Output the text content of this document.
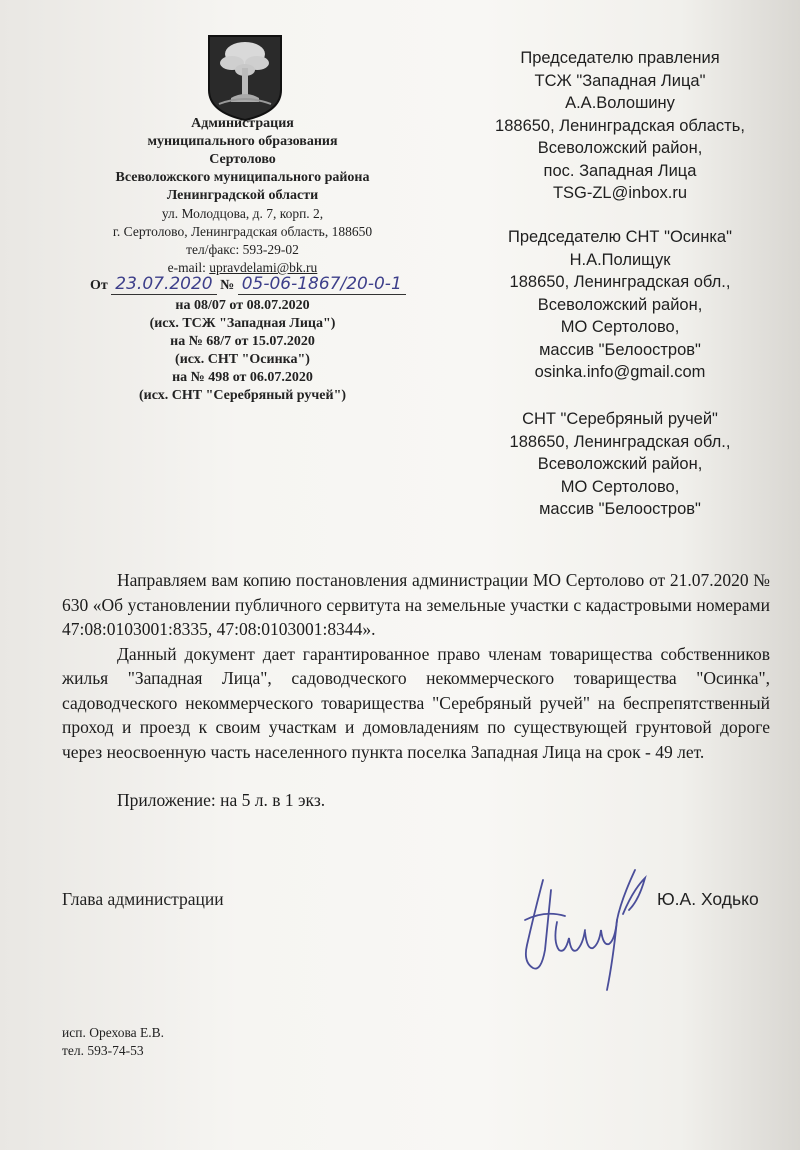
Администрация
муниципального образования
Сертолово
Всеволожского муниципального района
Ленинградской области
ул. Молодцова, д. 7, корп. 2,
г. Сертолово, Ленинградская область, 188650
тел/факс: 593-29-02
e-mail: upravdelami@bk.ru
От 23.07.2020 № 05-06-1867/20-0-1
на 08/07 от 08.07.2020
(исх. ТСЖ "Западная Лица")
на № 68/7 от 15.07.2020
(исх. СНТ "Осинка")
на № 498 от 06.07.2020
(исх. СНТ "Серебряный ручей")
Председателю правления
ТСЖ "Западная Лица"
А.А.Волошину
188650, Ленинградская область,
Всеволожский район,
пос. Западная Лица
TSG-ZL@inbox.ru
Председателю СНТ "Осинка"
Н.А.Полищук
188650, Ленинградская обл.,
Всеволожский район,
МО Сертолово,
массив "Белоостров"
osinka.info@gmail.com
СНТ "Серебряный ручей"
188650, Ленинградская обл.,
Всеволожский район,
МО Сертолово,
массив "Белоостров"

Направляем вам копию постановления администрации МО Сертолово от 21.07.2020 № 630 «Об установлении публичного сервитута на земельные участки с кадастровыми номерами 47:08:0103001:8335, 47:08:0103001:8344».

Данный документ дает гарантированное право членам товарищества собственников жилья "Западная Лица", садоводческого некоммерческого товарищества "Осинка", садоводческого некоммерческого товарищества "Серебряный ручей" на беспрепятственный проход и проезд к своим участкам и домовладениям по существующей грунтовой дороге через неосвоенную часть населенного пункта поселка Западная Лица на срок - 49 лет.

Приложение: на 5 л. в 1 экз.

Глава администрации	Ю.А. Ходько
исп. Орехова Е.В.
тел. 593-74-53
